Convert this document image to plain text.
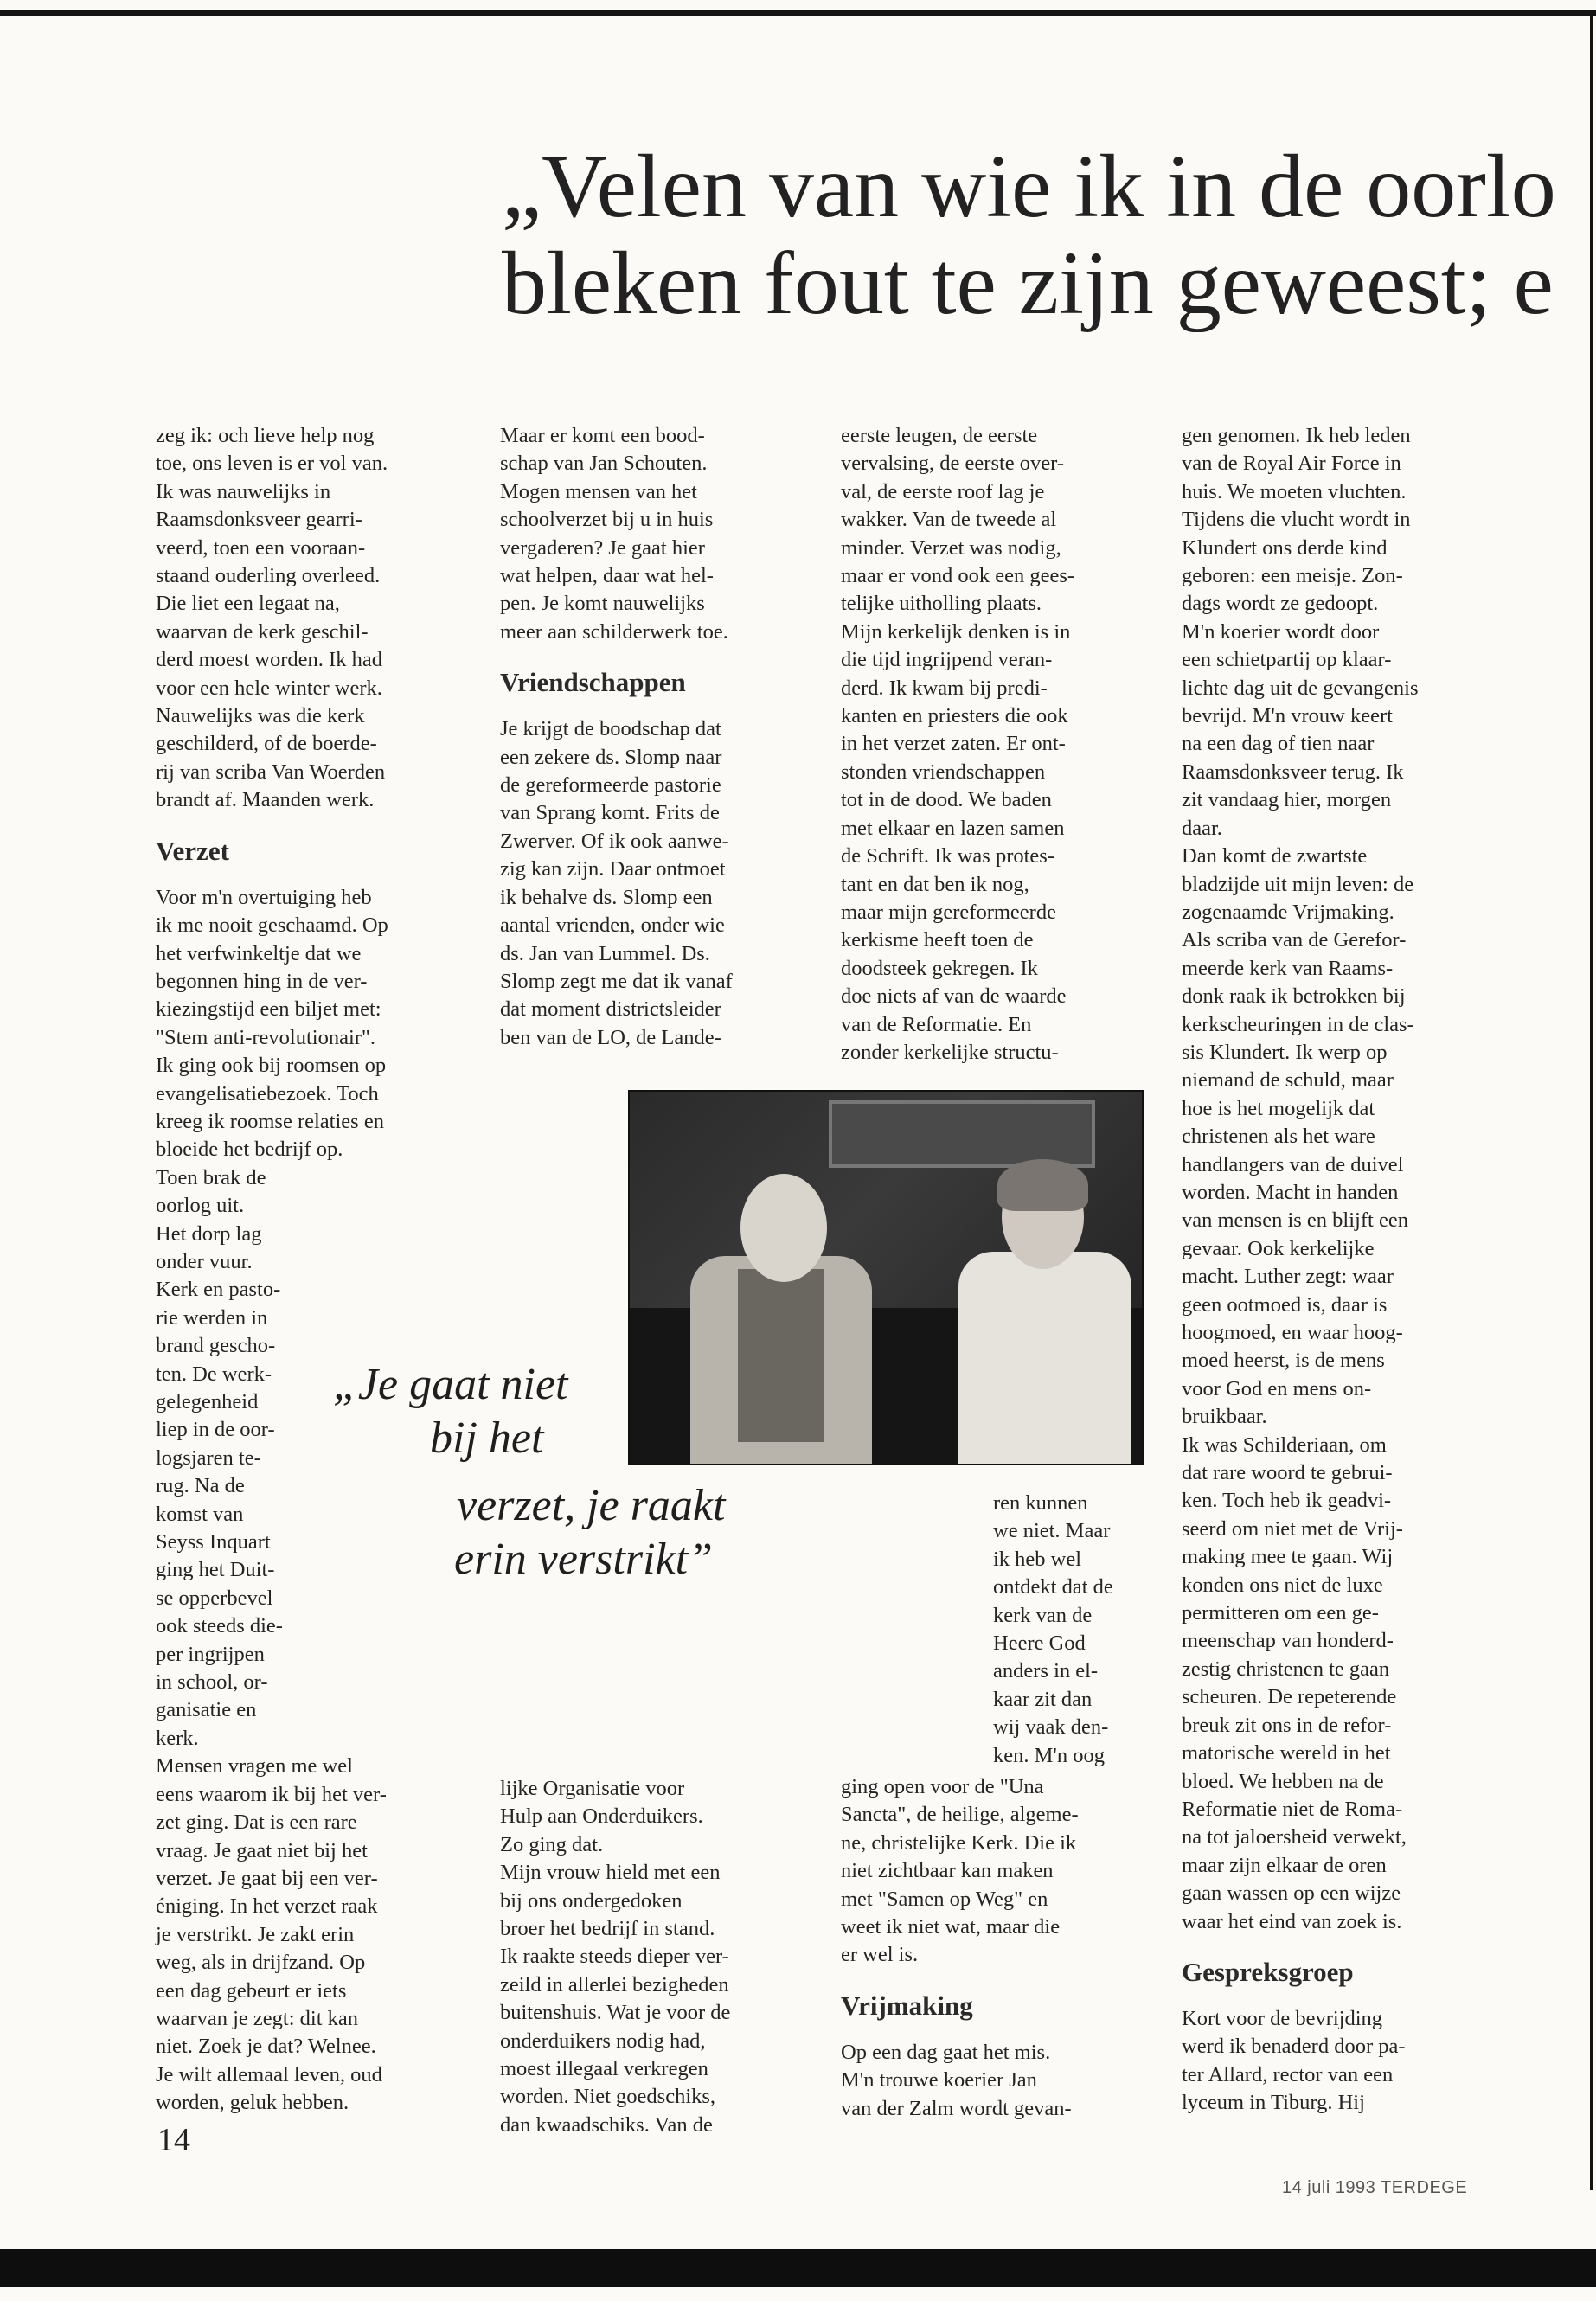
„Velen van wie ik in de oorlo
bleken fout te zijn geweest; e

zeg ik: och lieve help nog

toe, ons leven is er vol van.

Ik was nauwelijks in

Raamsdonksveer gearri-

veerd, toen een vooraan-

staand ouderling overleed.

Die liet een legaat na,

waarvan de kerk geschil-

derd moest worden. Ik had

voor een hele winter werk.

Nauwelijks was die kerk

geschilderd, of de boerde-

rij van scriba Van Woerden

brandt af. Maanden werk.

Verzet

Voor m'n overtuiging heb

ik me nooit geschaamd. Op

het verfwinkeltje dat we

begonnen hing in de ver-

kiezingstijd een biljet met:

"Stem anti-revolutionair".

Ik ging ook bij roomsen op

evangelisatiebezoek. Toch

kreeg ik roomse relaties en

bloeide het bedrijf op.

Toen brak de

oorlog uit.

Het dorp lag

onder vuur.

Kerk en pasto-

rie werden in

brand gescho-

ten. De werk-

gelegenheid

liep in de oor-

logsjaren te-

rug. Na de

komst van

Seyss Inquart

ging het Duit-

se opperbevel

ook steeds die-

per ingrijpen

in school, or-

ganisatie en

kerk.

Mensen vragen me wel

eens waarom ik bij het ver-

zet ging. Dat is een rare

vraag. Je gaat niet bij het

verzet. Je gaat bij een ver-

éniging. In het verzet raak

je verstrikt. Je zakt erin

weg, als in drijfzand. Op

een dag gebeurt er iets

waarvan je zegt: dit kan

niet. Zoek je dat? Welnee.

Je wilt allemaal leven, oud

worden, geluk hebben.

Maar er komt een bood-

schap van Jan Schouten.

Mogen mensen van het

schoolverzet bij u in huis

vergaderen? Je gaat hier

wat helpen, daar wat hel-

pen. Je komt nauwelijks

meer aan schilderwerk toe.

Vriendschappen

Je krijgt de boodschap dat

een zekere ds. Slomp naar

de gereformeerde pastorie

van Sprang komt. Frits de

Zwerver. Of ik ook aanwe-

zig kan zijn. Daar ontmoet

ik behalve ds. Slomp een

aantal vrienden, onder wie

ds. Jan van Lummel. Ds.

Slomp zegt me dat ik vanaf

dat moment districtsleider

ben van de LO, de Lande-

lijke Organisatie voor

Hulp aan Onderduikers.

Zo ging dat.

Mijn vrouw hield met een

bij ons ondergedoken

broer het bedrijf in stand.

Ik raakte steeds dieper ver-

zeild in allerlei bezigheden

buitenshuis. Wat je voor de

onderduikers nodig had,

moest illegaal verkregen

worden. Niet goedschiks,

dan kwaadschiks. Van de

eerste leugen, de eerste

vervalsing, de eerste over-

val, de eerste roof lag je

wakker. Van de tweede al

minder. Verzet was nodig,

maar er vond ook een gees-

telijke uitholling plaats.

Mijn kerkelijk denken is in

die tijd ingrijpend veran-

derd. Ik kwam bij predi-

kanten en priesters die ook

in het verzet zaten. Er ont-

stonden vriendschappen

tot in de dood. We baden

met elkaar en lazen samen

de Schrift. Ik was protes-

tant en dat ben ik nog,

maar mijn gereformeerde

kerkisme heeft toen de

doodsteek gekregen. Ik

doe niets af van de waarde

van de Reformatie. En

zonder kerkelijke structu-

ren kunnen

we niet. Maar

ik heb wel

ontdekt dat de

kerk van de

Heere God

anders in el-

kaar zit dan

wij vaak den-

ken. M'n oog

ging open voor de "Una

Sancta", de heilige, algeme-

ne, christelijke Kerk. Die ik

niet zichtbaar kan maken

met "Samen op Weg" en

weet ik niet wat, maar die

er wel is.

Vrijmaking

Op een dag gaat het mis.

M'n trouwe koerier Jan

van der Zalm wordt gevan-

gen genomen. Ik heb leden

van de Royal Air Force in

huis. We moeten vluchten.

Tijdens die vlucht wordt in

Klundert ons derde kind

geboren: een meisje. Zon-

dags wordt ze gedoopt.

M'n koerier wordt door

een schietpartij op klaar-

lichte dag uit de gevangenis

bevrijd. M'n vrouw keert

na een dag of tien naar

Raamsdonksveer terug. Ik

zit vandaag hier, morgen

daar.

Dan komt de zwartste

bladzijde uit mijn leven: de

zogenaamde Vrijmaking.

Als scriba van de Gerefor-

meerde kerk van Raams-

donk raak ik betrokken bij

kerkscheuringen in de clas-

sis Klundert. Ik werp op

niemand de schuld, maar

hoe is het mogelijk dat

christenen als het ware

handlangers van de duivel

worden. Macht in handen

van mensen is en blijft een

gevaar. Ook kerkelijke

macht. Luther zegt: waar

geen ootmoed is, daar is

hoogmoed, en waar hoog-

moed heerst, is de mens

voor God en mens on-

bruikbaar.

Ik was Schilderiaan, om

dat rare woord te gebrui-

ken. Toch heb ik geadvi-

seerd om niet met de Vrij-

making mee te gaan. Wij

konden ons niet de luxe

permitteren om een ge-

meenschap van honderd-

zestig christenen te gaan

scheuren. De repeterende

breuk zit ons in de refor-

matorische wereld in het

bloed. We hebben na de

Reformatie niet de Roma-

na tot jaloersheid verwekt,

maar zijn elkaar de oren

gaan wassen op een wijze

waar het eind van zoek is.

Gespreksgroep

Kort voor de bevrijding

werd ik benaderd door pa-

ter Allard, rector van een

lyceum in Tiburg. Hij

„Je gaat niet
bij het
verzet, je raakt
erin verstrikt”
14
14 juli 1993 TERDEGE
